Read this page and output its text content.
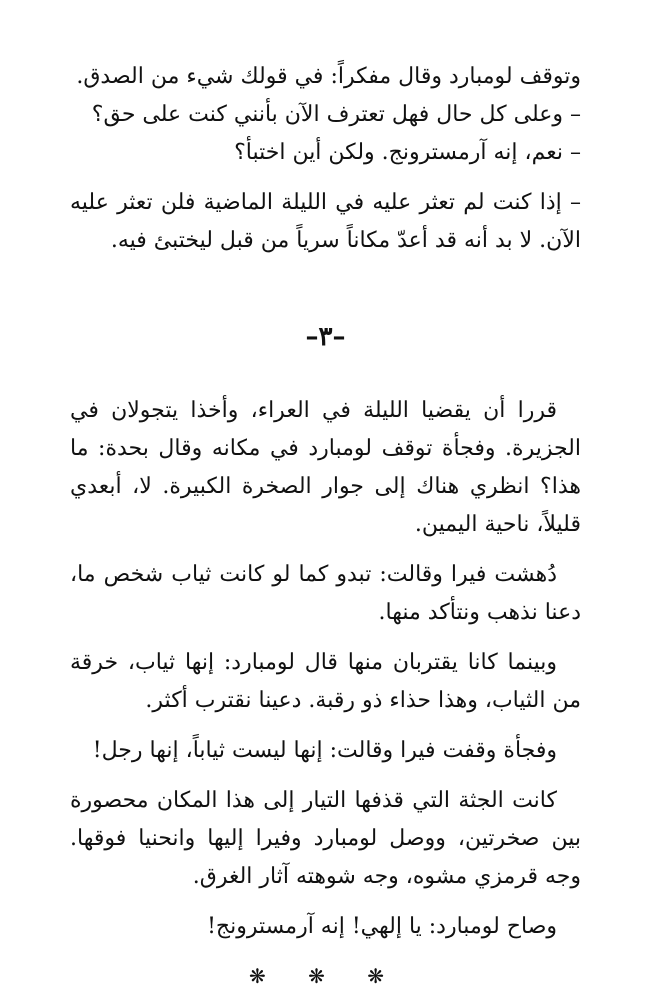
وتوقف لومبارد وقال مفكراً: في قولك شيء من الصدق.

– وعلى كل حال فهل تعترف الآن بأنني كنت على حق؟

– نعم، إنه آرمسترونج. ولكن أين اختبأ؟

– إذا كنت لم تعثر عليه في الليلة الماضية فلن تعثر عليه الآن. لا بد أنه قد أعدّ مكاناً سرياً من قبل ليختبئ فيه.

–٣–

قررا أن يقضيا الليلة في العراء، وأخذا يتجولان في الجزيرة. وفجأة توقف لومبارد في مكانه وقال بحدة: ما هذا؟ انظري هناك إلى جوار الصخرة الكبيرة. لا، أبعدي قليلاً، ناحية اليمين.

دُهشت فيرا وقالت: تبدو كما لو كانت ثياب شخص ما، دعنا نذهب ونتأكد منها.

وبينما كانا يقتربان منها قال لومبارد: إنها ثياب، خرقة من الثياب، وهذا حذاء ذو رقبة. دعينا نقترب أكثر.

وفجأة وقفت فيرا وقالت: إنها ليست ثياباً، إنها رجل!

كانت الجثة التي قذفها التيار إلى هذا المكان محصورة بين صخرتين، ووصل لومبارد وفيرا إليها وانحنيا فوقها. وجه قرمزي مشوه، وجه شوهته آثار الغرق.

وصاح لومبارد: يا إلهي! إنه آرمسترونج!

❋ ❋ ❋
